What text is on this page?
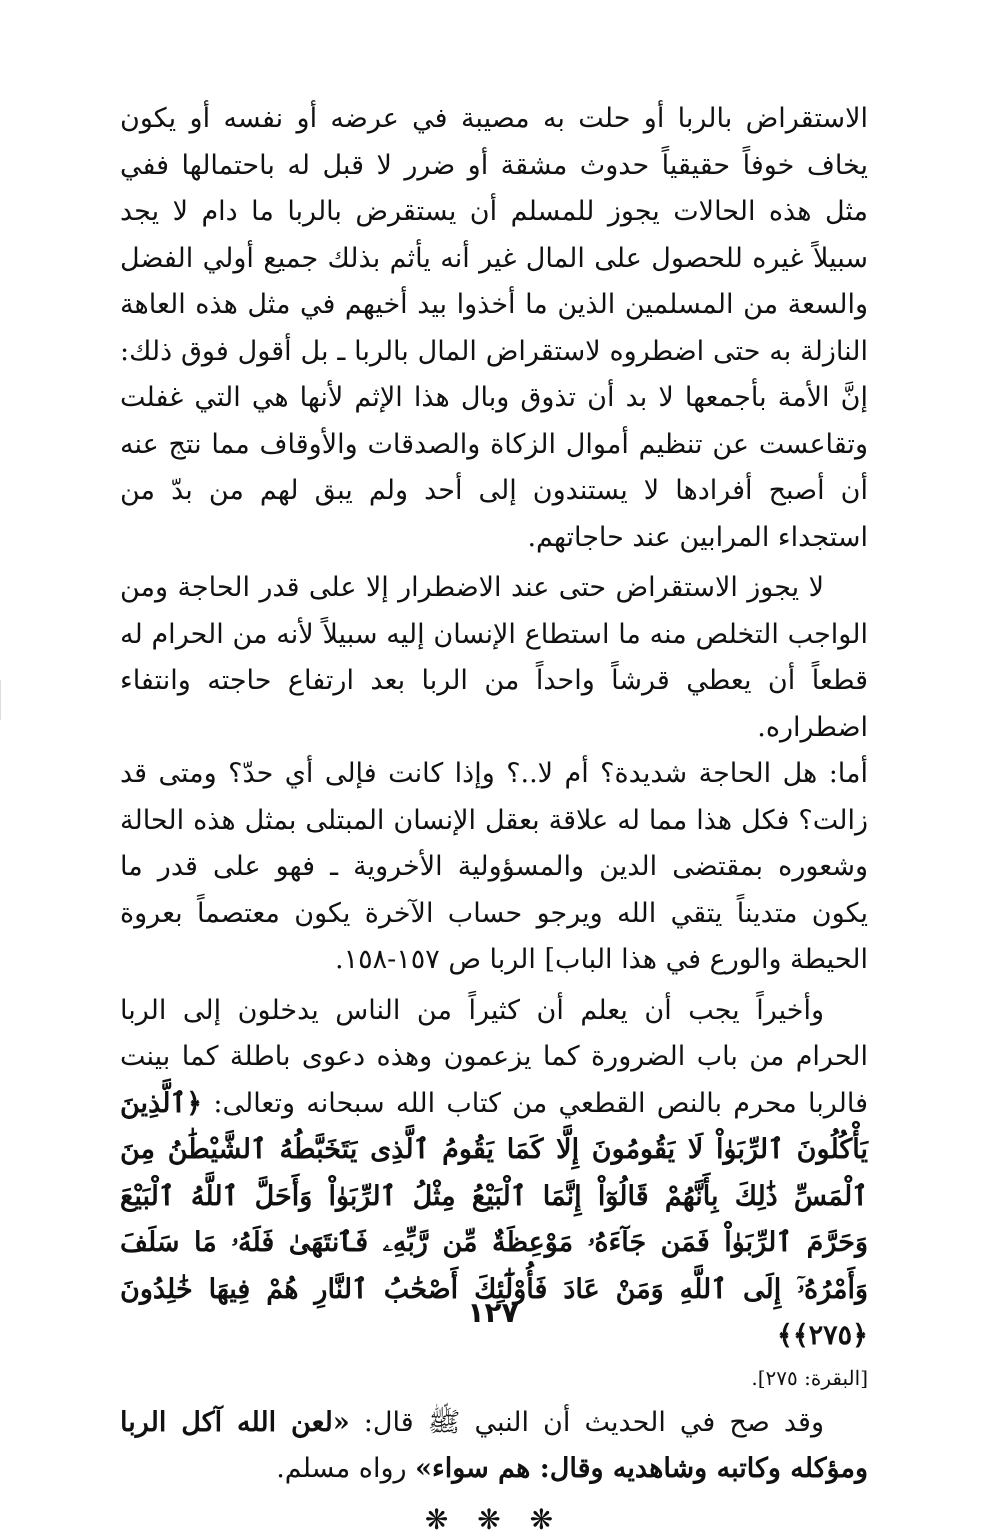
الاستقراض بالربا أو حلت به مصيبة في عرضه أو نفسه أو يكون يخاف خوفاً حقيقياً حدوث مشقة أو ضرر لا قبل له باحتمالها ففي مثل هذه الحالات يجوز للمسلم أن يستقرض بالربا ما دام لا يجد سبيلاً غيره للحصول على المال غير أنه يأثم بذلك جميع أولي الفضل والسعة من المسلمين الذين ما أخذوا بيد أخيهم في مثل هذه العاهة النازلة به حتى اضطروه لاستقراض المال بالربا ـ بل أقول فوق ذلك: إنَّ الأمة بأجمعها لا بد أن تذوق وبال هذا الإثم لأنها هي التي غفلت وتقاعست عن تنظيم أموال الزكاة والصدقات والأوقاف مما نتج عنه أن أصبح أفرادها لا يستندون إلى أحد ولم يبق لهم من بدّ من استجداء المرابين عند حاجاتهم.

لا يجوز الاستقراض حتى عند الاضطرار إلا على قدر الحاجة ومن الواجب التخلص منه ما استطاع الإنسان إليه سبيلاً لأنه من الحرام له قطعاً أن يعطي قرشاً واحداً من الربا بعد ارتفاع حاجته وانتفاء اضطراره.

أما: هل الحاجة شديدة؟ أم لا..؟ وإذا كانت فإلى أي حدّ؟ ومتى قد زالت؟ فكل هذا مما له علاقة بعقل الإنسان المبتلى بمثل هذه الحالة وشعوره بمقتضى الدين والمسؤولية الأخروية ـ فهو على قدر ما يكون متديناً يتقي الله ويرجو حساب الآخرة يكون معتصماً بعروة الحيطة والورع في هذا الباب] الربا ص ١٥٧-١٥٨.

وأخيراً يجب أن يعلم أن كثيراً من الناس يدخلون إلى الربا الحرام من باب الضرورة كما يزعمون وهذه دعوى باطلة كما بينت فالربا محرم بالنص القطعي من كتاب الله سبحانه وتعالى: ﴿ٱلَّذِينَ يَأْكُلُونَ ٱلرِّبَوٰاْ لَا يَقُومُونَ إِلَّا كَمَا يَقُومُ ٱلَّذِى يَتَخَبَّطُهُ ٱلشَّيْطَٰنُ مِنَ ٱلْمَسِّ ذَٰلِكَ بِأَنَّهُمْ قَالُوٓاْ إِنَّمَا ٱلْبَيْعُ مِثْلُ ٱلرِّبَوٰاْ وَأَحَلَّ ٱللَّهُ ٱلْبَيْعَ وَحَرَّمَ ٱلرِّبَوٰاْ فَمَن جَآءَهُۥ مَوْعِظَةٌ مِّن رَّبِّهِۦ فَٱنتَهَىٰ فَلَهُۥ مَا سَلَفَ وَأَمْرُهُۥٓ إِلَى ٱللَّهِ وَمَنْ عَادَ فَأُوْلَٰٓئِكَ أَصْحَٰبُ ٱلنَّارِ هُمْ فِيهَا خَٰلِدُونَ ﴿٢٧٥﴾﴾

[البقرة: ٢٧٥].

وقد صح في الحديث أن النبي ﷺ قال: «لعن الله آكل الربا ومؤكله وكاتبه وشاهديه وقال: هم سواء» رواه مسلم.

❋ ❋ ❋
١٢٧
